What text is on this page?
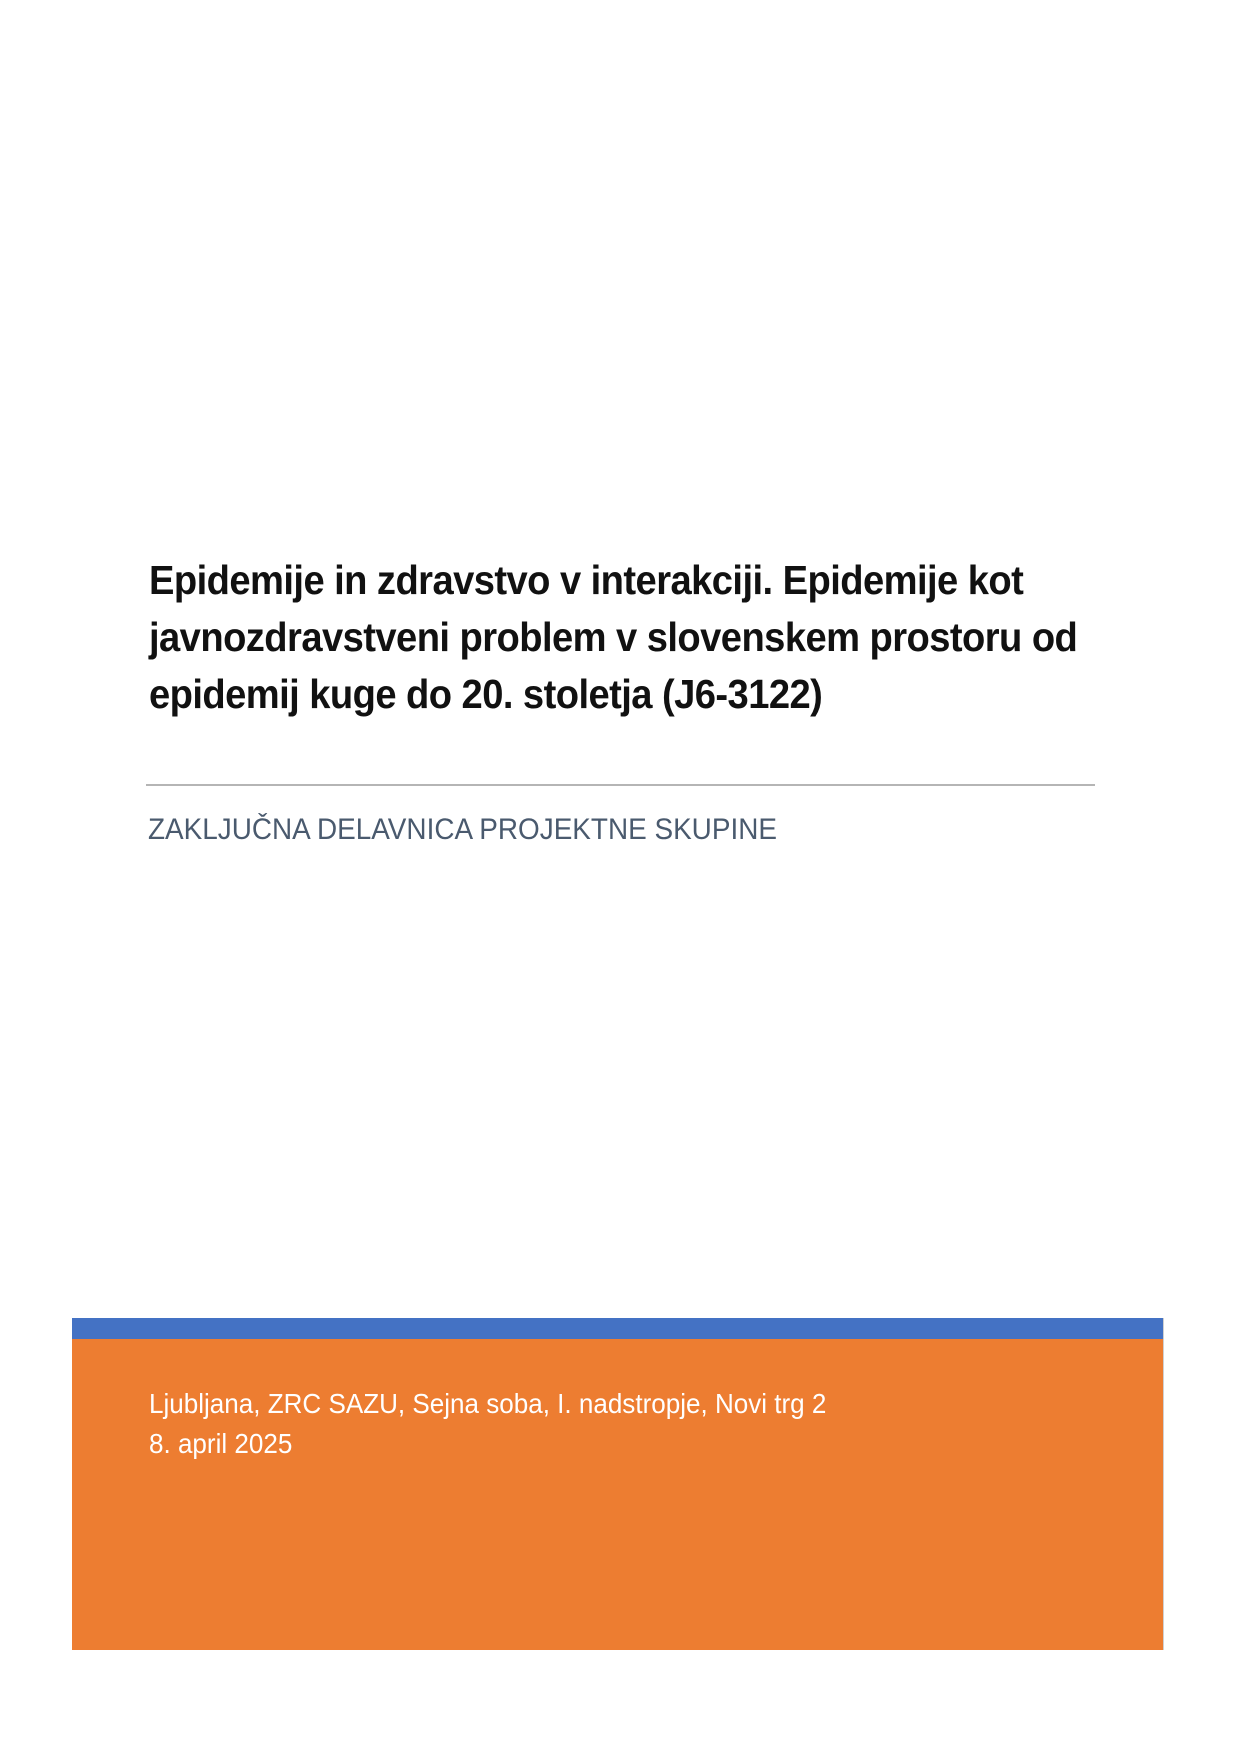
Epidemije in zdravstvo v interakciji. Epidemije kot javnozdravstveni problem v slovenskem prostoru od epidemij kuge do 20. stoletja (J6-3122)

ZAKLJUČNA DELAVNICA PROJEKTNE SKUPINE

Ljubljana, ZRC SAZU, Sejna soba, I. nadstropje, Novi trg 2
8. april 2025
